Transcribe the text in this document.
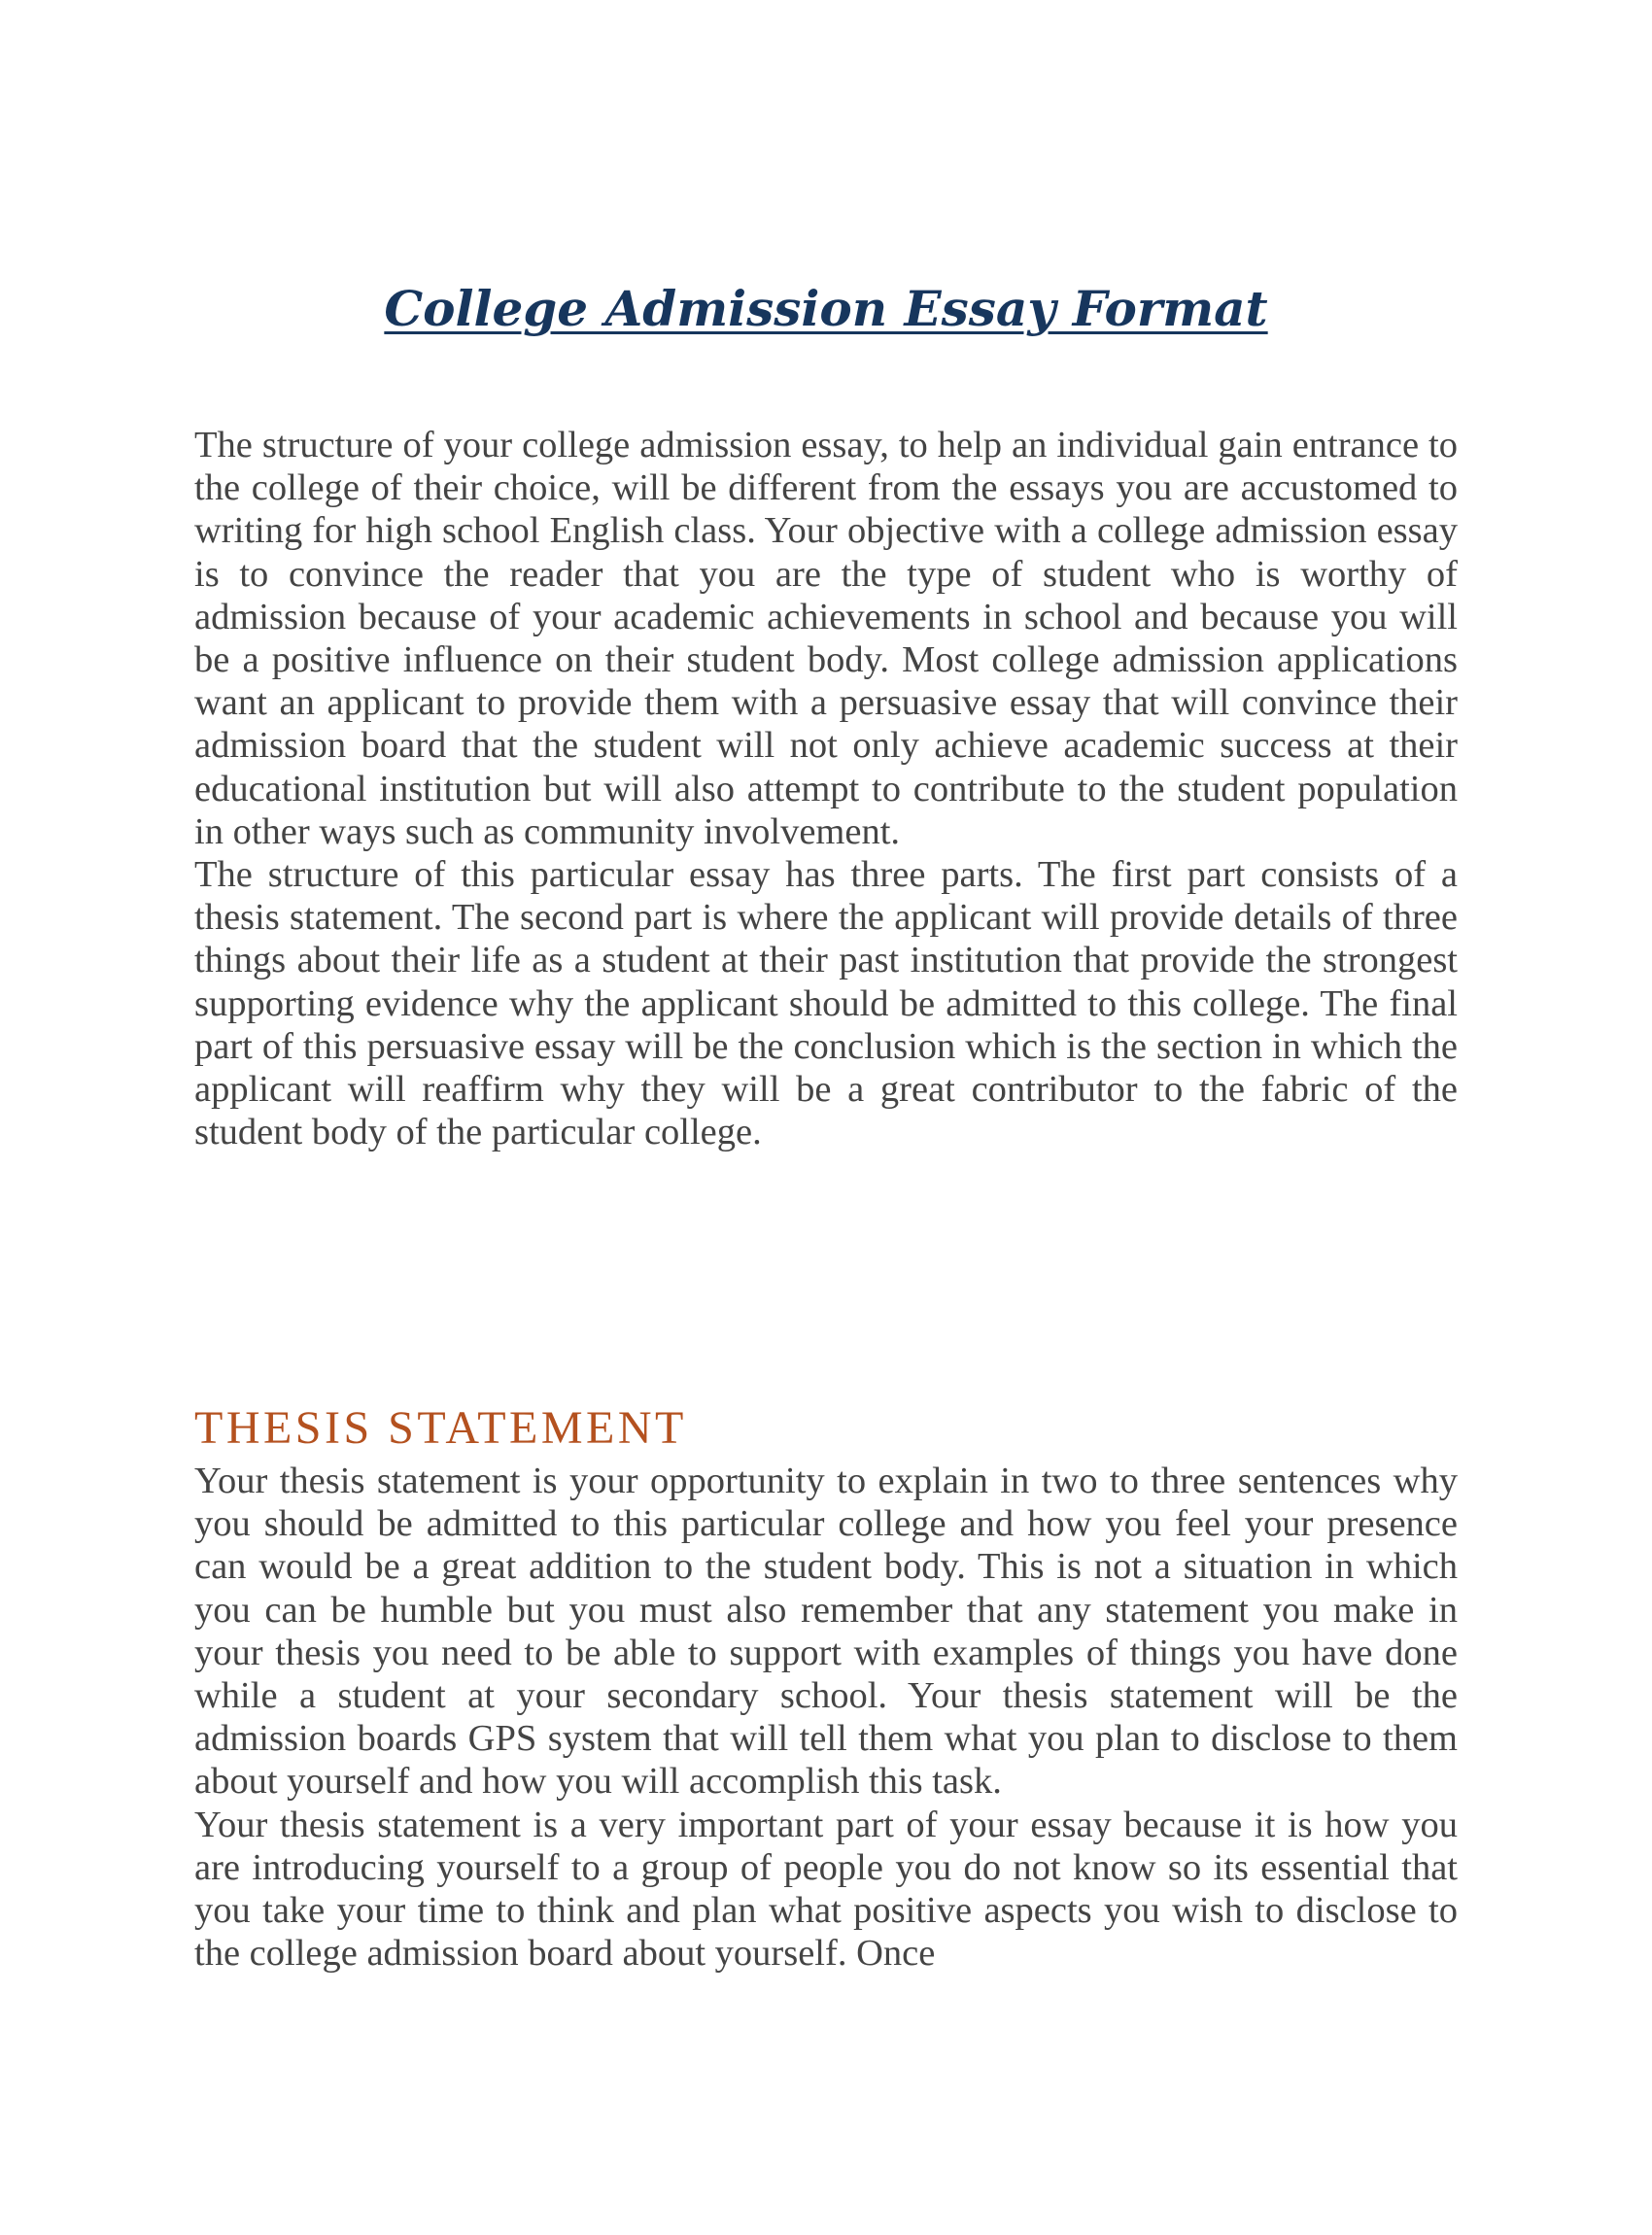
College Admission Essay Format

The structure of your college admission essay, to help an individual gain entrance to the college of their choice, will be different from the essays you are accustomed to writing for high school English class. Your objective with a college admission essay is to convince the reader that you are the type of student who is worthy of admission because of your academic achievements in school and because you will be a positive influence on their student body. Most college admission applications want an applicant to provide them with a persuasive essay that will convince their admission board that the student will not only achieve academic success at their educational institution but will also attempt to contribute to the student population in other ways such as community involvement.

The structure of this particular essay has three parts. The first part consists of a thesis statement. The second part is where the applicant will provide details of three things about their life as a student at their past institution that provide the strongest supporting evidence why the applicant should be admitted to this college. The final part of this persuasive essay will be the conclusion which is the section in which the applicant will reaffirm why they will be a great contributor to the fabric of the student body of the particular college.

THESIS STATEMENT

Your thesis statement is your opportunity to explain in two to three sentences why you should be admitted to this particular college and how you feel your presence can would be a great addition to the student body. This is not a situation in which you can be humble but you must also remember that any statement you make in your thesis you need to be able to support with examples of things you have done while a student at your secondary school. Your thesis statement will be the admission boards GPS system that will tell them what you plan to disclose to them about yourself and how you will accomplish this task.

Your thesis statement is a very important part of your essay because it is how you are introducing yourself to a group of people you do not know so its essential that you take your time to think and plan what positive aspects you wish to disclose to the college admission board about yourself. Once
